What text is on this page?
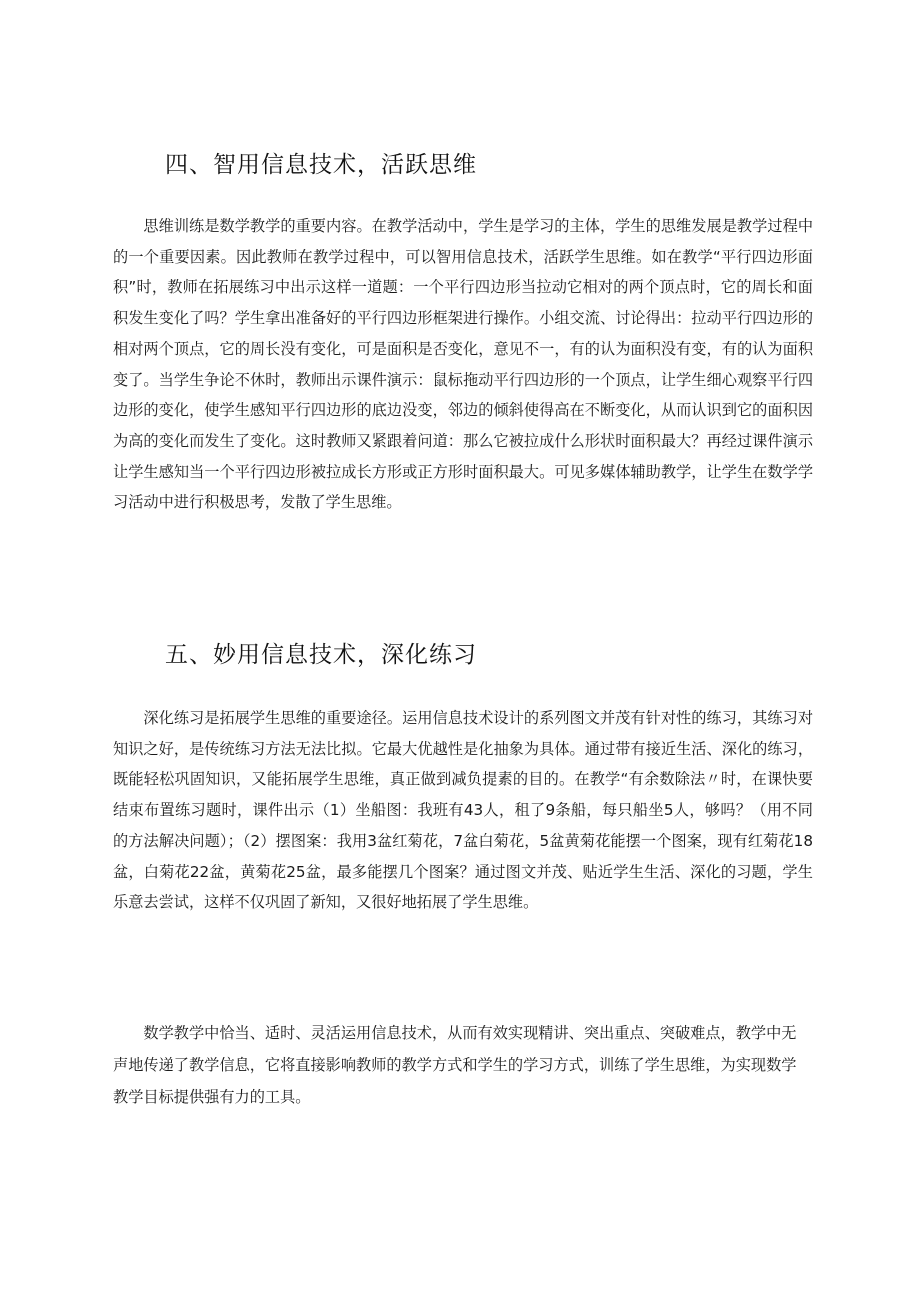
四、智用信息技术，活跃思维

思维训练是数学教学的重要内容。在教学活动中，学生是学习的主体，学生的思维发展是教学过程中的一个重要因素。因此教师在教学过程中，可以智用信息技术，活跃学生思维。如在教学“平行四边形面积”时，教师在拓展练习中出示这样一道题：一个平行四边形当拉动它相对的两个顶点时，它的周长和面积发生变化了吗？学生拿出准备好的平行四边形框架进行操作。小组交流、讨论得出：拉动平行四边形的相对两个顶点，它的周长没有变化，可是面积是否变化，意见不一，有的认为面积没有变，有的认为面积变了。当学生争论不休时，教师出示课件演示：鼠标拖动平行四边形的一个顶点，让学生细心观察平行四边形的变化，使学生感知平行四边形的底边没变，邻边的倾斜使得高在不断变化，从而认识到它的面积因为高的变化而发生了变化。这时教师又紧跟着问道：那么它被拉成什么形状时面积最大？再经过课件演示让学生感知当一个平行四边形被拉成长方形或正方形时面积最大。可见多媒体辅助教学，让学生在数学学习活动中进行积极思考，发散了学生思维。

五、妙用信息技术，深化练习

深化练习是拓展学生思维的重要途径。运用信息技术设计的系列图文并茂有针对性的练习，其练习对知识之好，是传统练习方法无法比拟。它最大优越性是化抽象为具体。通过带有接近生活、深化的练习，既能轻松巩固知识，又能拓展学生思维，真正做到减负提素的目的。在教学“有余数除法〃时，在课快要结束布置练习题时，课件出示（1）坐船图：我班有43人，租了9条船，每只船坐5人，够吗？（用不同的方法解决问题）；（2）摆图案：我用3盆红菊花，7盆白菊花，5盆黄菊花能摆一个图案，现有红菊花18盆，白菊花22盆，黄菊花25盆，最多能摆几个图案？通过图文并茂、贴近学生生活、深化的习题，学生乐意去尝试，这样不仅巩固了新知，又很好地拓展了学生思维。

数学教学中恰当、适时、灵活运用信息技术，从而有效实现精讲、突出重点、突破难点，教学中无声地传递了教学信息，它将直接影响教师的教学方式和学生的学习方式，训练了学生思维，为实现数学教学目标提供强有力的工具。
